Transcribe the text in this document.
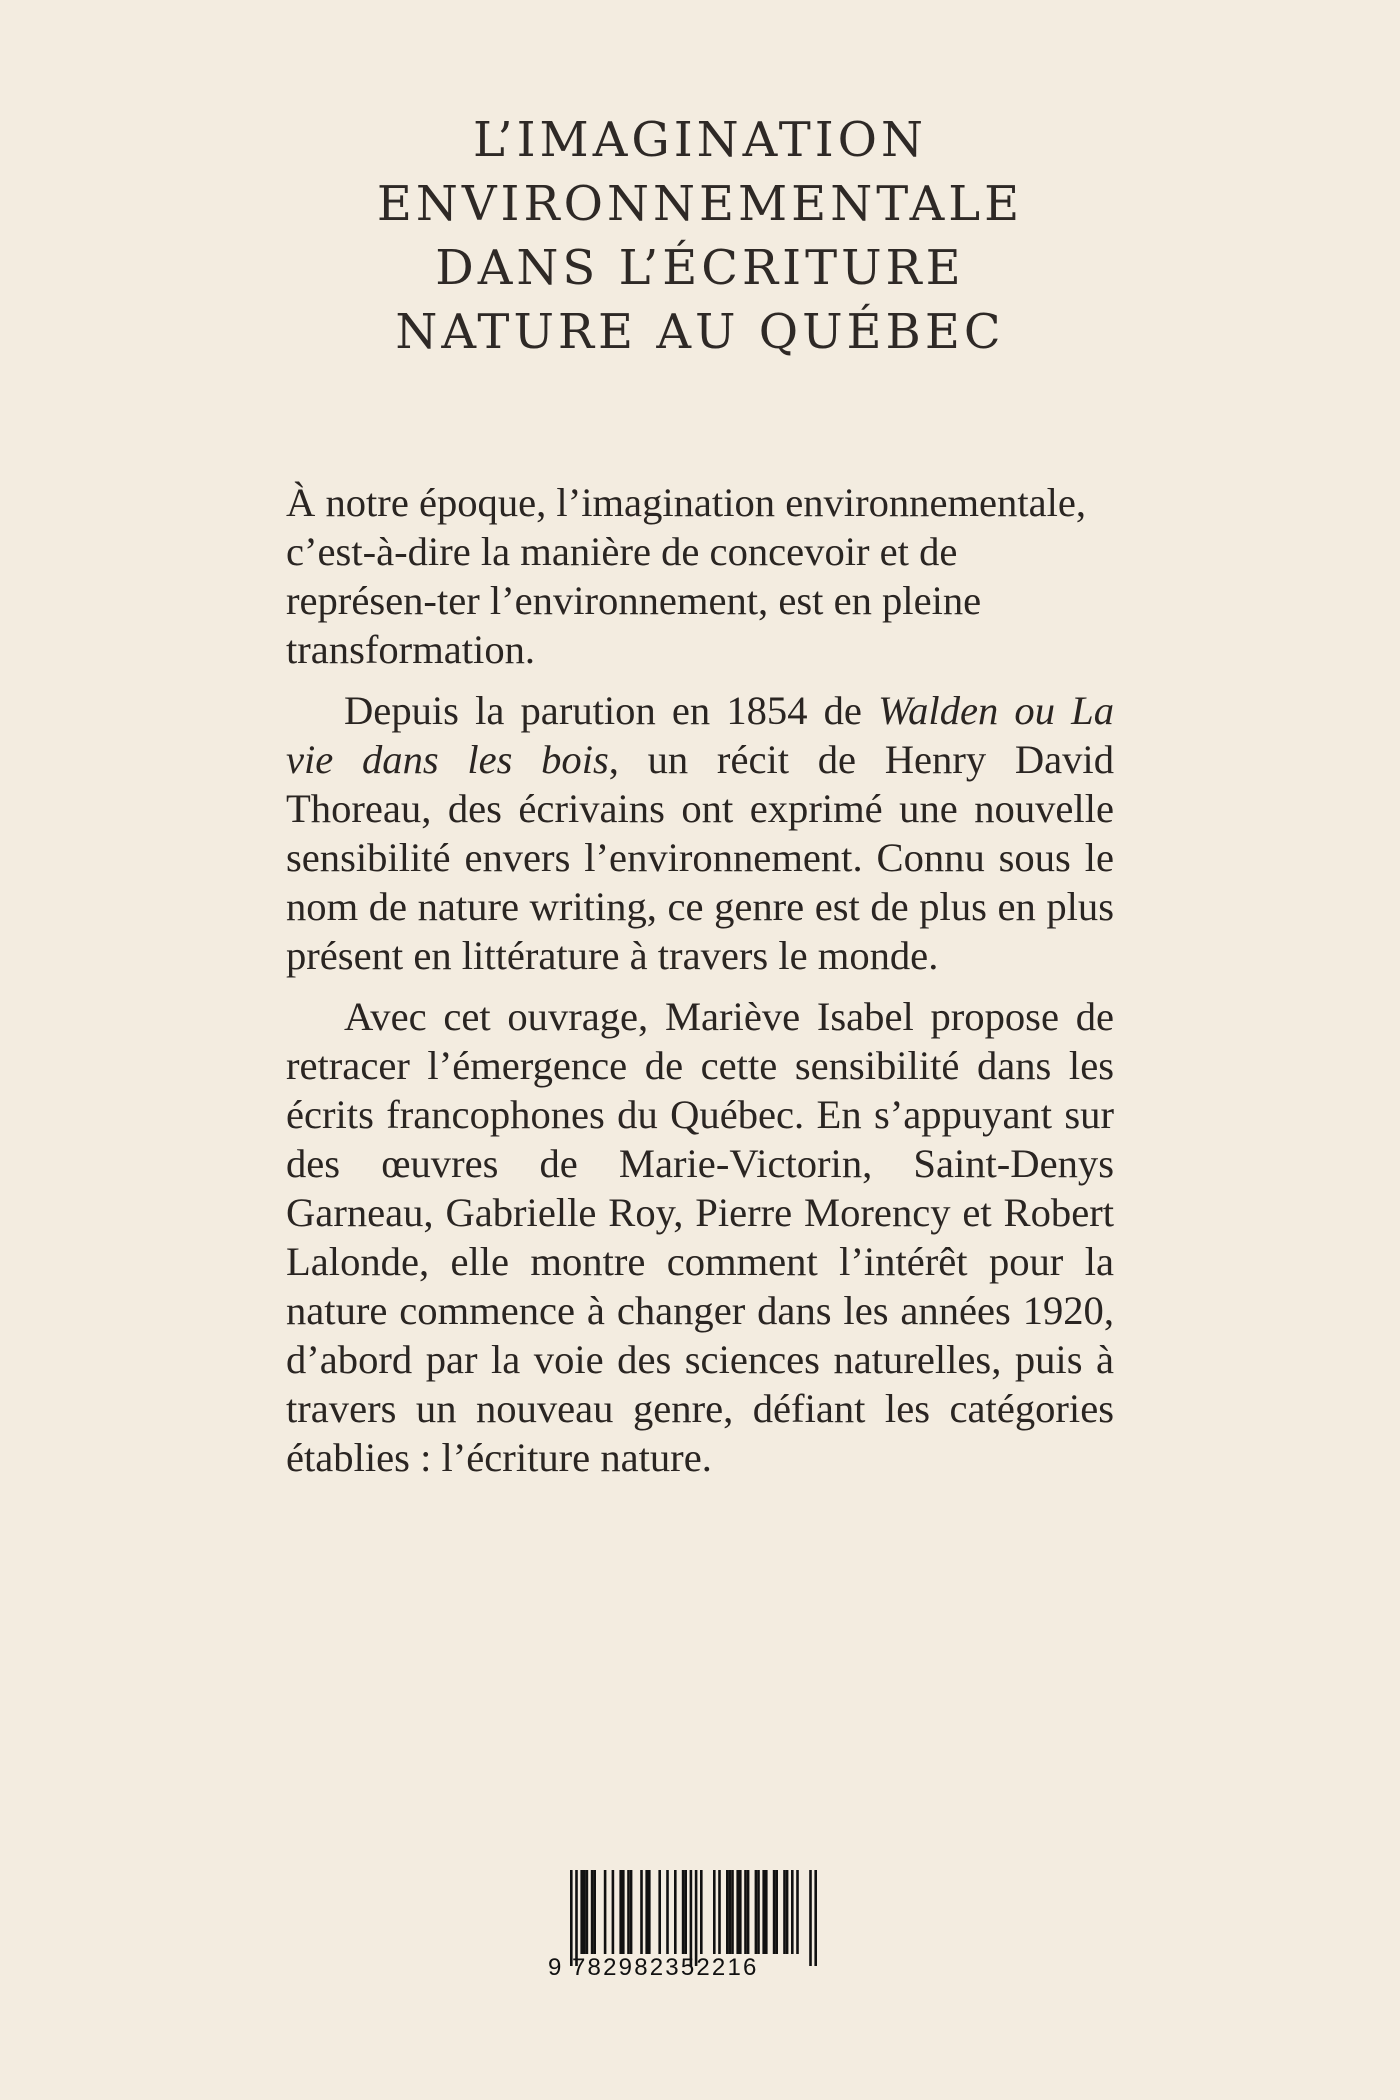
L’IMAGINATION
ENVIRONNEMENTALE
DANS L’ÉCRITURE
NATURE AU QUÉBEC

À notre époque, l’imagination environnementale, c’est-à-dire la manière de concevoir et de représen-ter l’environnement, est en pleine transformation.

Depuis la parution en 1854 de Walden ou La vie dans les bois, un récit de Henry David Thoreau, des écrivains ont exprimé une nouvelle sensibilité envers l’environnement. Connu sous le nom de nature writing, ce genre est de plus en plus présent en littérature à travers le monde.

Avec cet ouvrage, Mariève Isabel propose de retracer l’émergence de cette sensibilité dans les écrits francophones du Québec. En s’appuyant sur des œuvres de Marie-Victorin, Saint-Denys Garneau, Gabrielle Roy, Pierre Morency et Robert Lalonde, elle montre comment l’intérêt pour la nature commence à changer dans les années 1920, d’abord par la voie des sciences naturelles, puis à travers un nouveau genre, défiant les catégories établies : l’écriture nature.

9 782982352216
